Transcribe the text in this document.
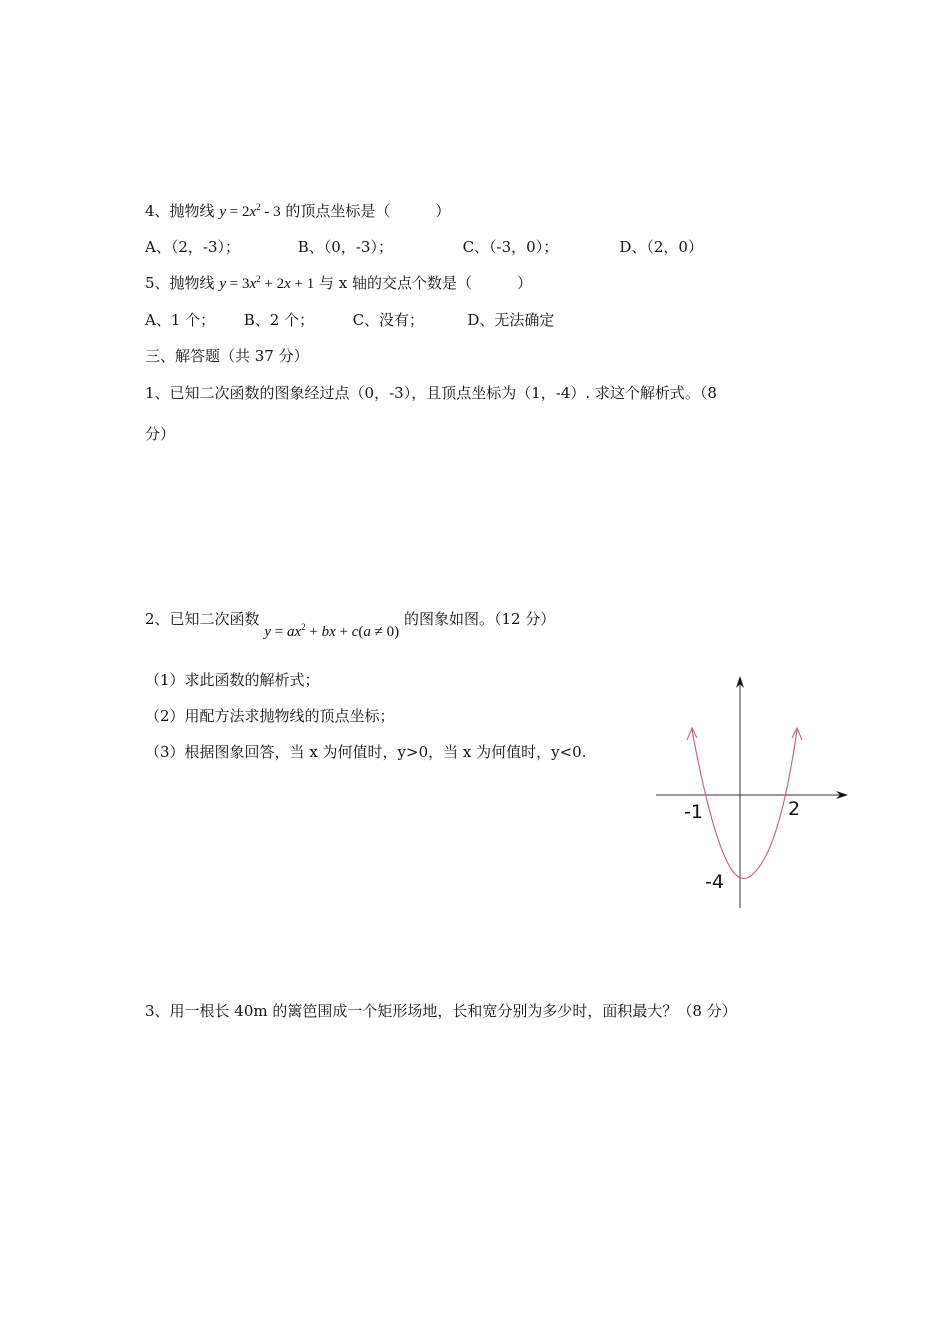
4、抛物线 $y = 2x^2 - 3$ 的顶点坐标是（　　　）
A、（2，-3）；	B、（0，-3）；	C、（-3，0）；	D、（2，0）
5、抛物线 $y = 3x^2 + 2x + 1$ 与 x 轴的交点个数是（　　　）
A、1 个； B、2 个；	C、没有；	D、无法确定
三、解答题（共 37 分）
1、已知二次函数的图象经过点（0，-3），且顶点坐标为（1，-4）. 求这个解析式。（8
分）
2、已知二次函数 $y = ax^2$ + bx + c(a ≠ 0) 的图象如图。（12 分）
（1）求此函数的解析式；
（2）用配方法求抛物线的顶点坐标；
（3）根据图象回答，当 x 为何值时，y>0，当 x 为何值时，y<0.
-1	2
-4
3、用一根长 40m 的篱笆围成一个矩形场地，长和宽分别为多少时，面积最大？（8 分）
